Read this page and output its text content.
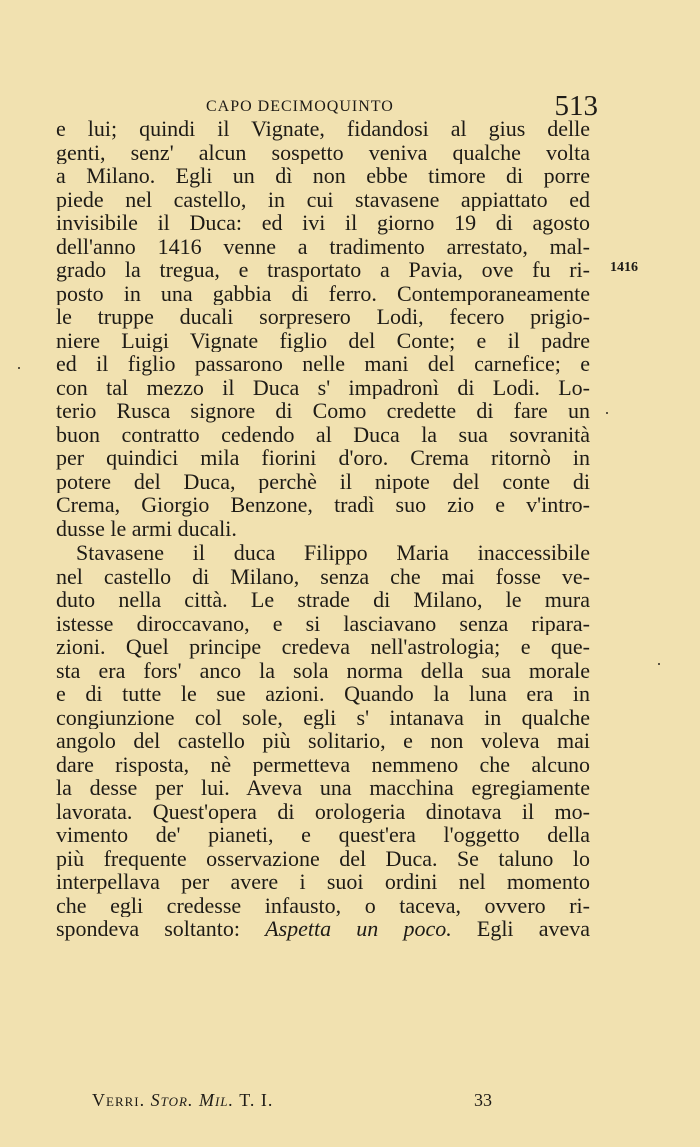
CAPO DECIMOQUINTO	513
1416
e lui; quindi il Vignate, fidandosi al gius delle
genti, senz' alcun sospetto veniva qualche volta
a Milano. Egli un dì non ebbe timore di porre
piede nel castello, in cui stavasene appiattato ed
invisibile il Duca: ed ivi il giorno 19 di agosto
dell'anno 1416 venne a tradimento arrestato, mal-
grado la tregua, e trasportato a Pavia, ove fu ri-
posto in una gabbia di ferro. Contemporaneamente
le truppe ducali sorpresero Lodi, fecero prigio-
niere Luigi Vignate figlio del Conte; e il padre
ed il figlio passarono nelle mani del carnefice; e
con tal mezzo il Duca s' impadronì di Lodi. Lo-
terio Rusca signore di Como credette di fare un
buon contratto cedendo al Duca la sua sovranità
per quindici mila fiorini d'oro. Crema ritornò in
potere del Duca, perchè il nipote del conte di
Crema, Giorgio Benzone, tradì suo zio e v'intro-
dusse le armi ducali.
Stavasene il duca Filippo Maria inaccessibile
nel castello di Milano, senza che mai fosse ve-
duto nella città. Le strade di Milano, le mura
istesse diroccavano, e si lasciavano senza ripara-
zioni. Quel principe credeva nell'astrologia; e que-
sta era fors' anco la sola norma della sua morale
e di tutte le sue azioni. Quando la luna era in
congiunzione col sole, egli s' intanava in qualche
angolo del castello più solitario, e non voleva mai
dare risposta, nè permetteva nemmeno che alcuno
la desse per lui. Aveva una macchina egregiamente
lavorata. Quest'opera di orologeria dinotava il mo-
vimento de' pianeti, e quest'era l'oggetto della
più frequente osservazione del Duca. Se taluno lo
interpellava per avere i suoi ordini nel momento
che egli credesse infausto, o taceva, ovvero ri-
spondeva soltanto: Aspetta un poco. Egli aveva
Verri. Stor. Mil. T. I.	33
